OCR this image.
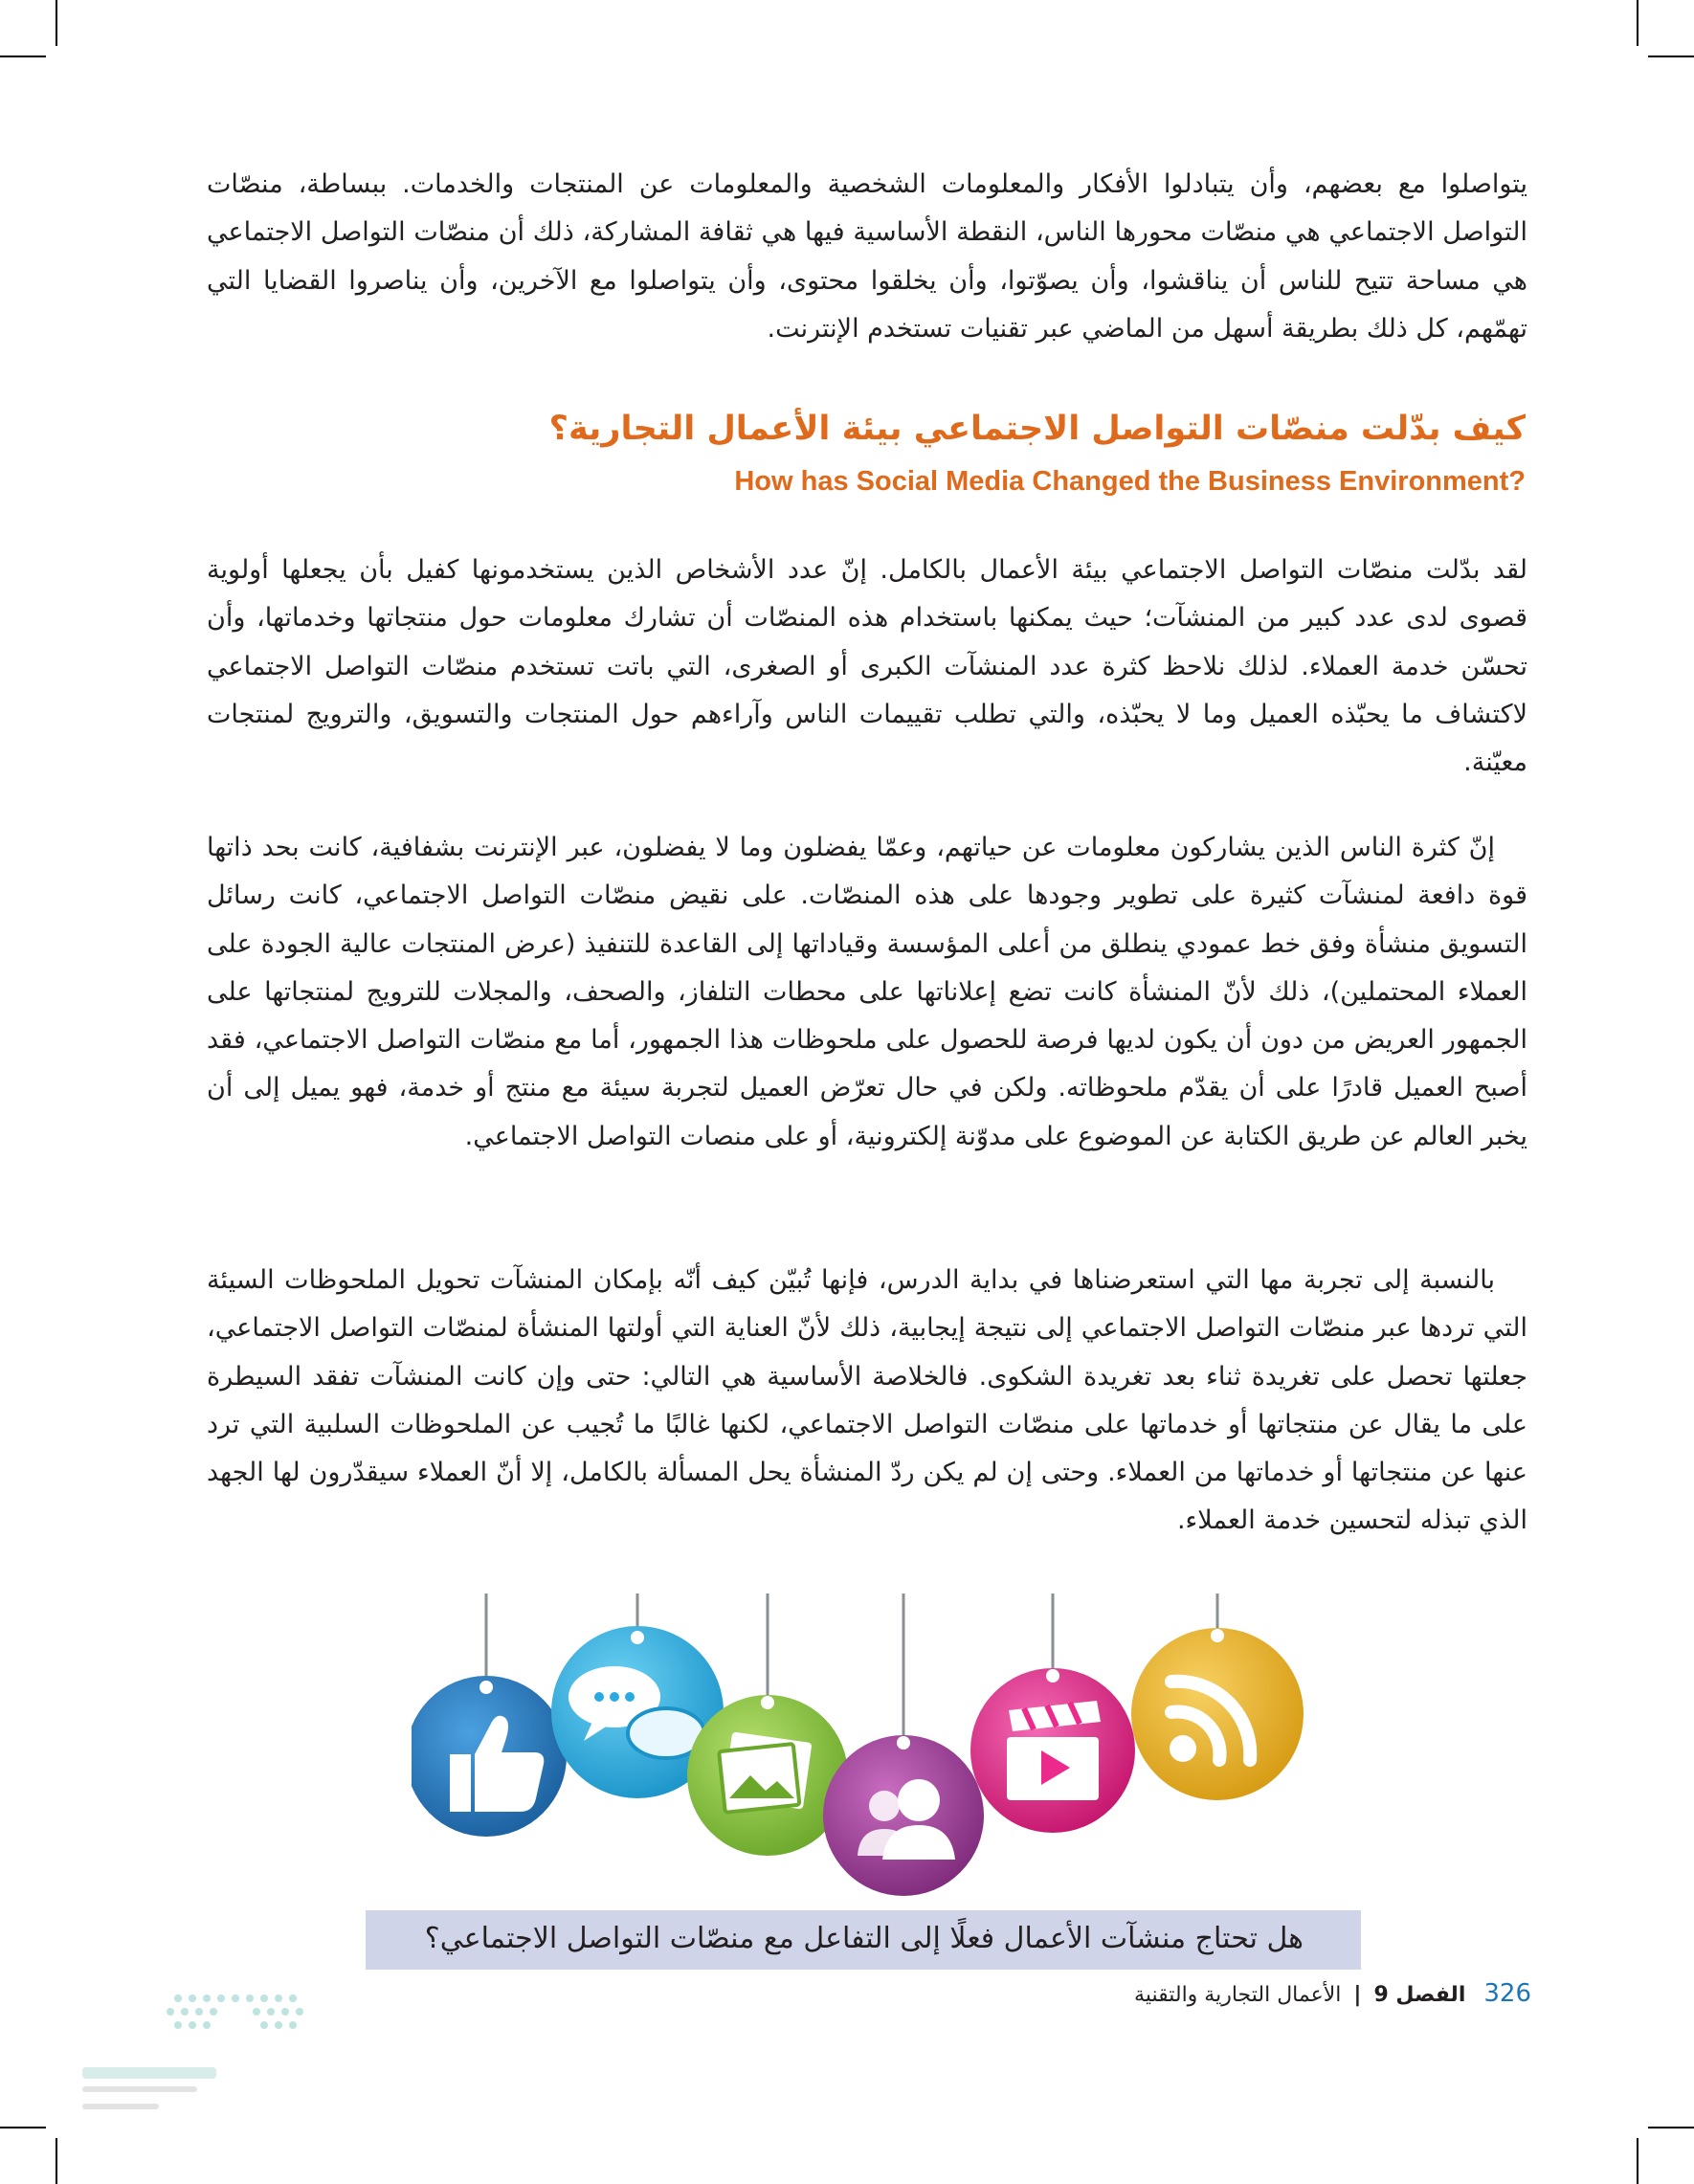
يتواصلوا مع بعضهم، وأن يتبادلوا الأفكار والمعلومات الشخصية والمعلومات عن المنتجات والخدمات. ببساطة، منصّات التواصل الاجتماعي هي منصّات محورها الناس، النقطة الأساسية فيها هي ثقافة المشاركة، ذلك أن منصّات التواصل الاجتماعي هي مساحة تتيح للناس أن يناقشوا، وأن يصوّتوا، وأن يخلقوا محتوى، وأن يتواصلوا مع الآخرين، وأن يناصروا القضايا التي تهمّهم، كل ذلك بطريقة أسهل من الماضي عبر تقنيات تستخدم الإنترنت.

كيف بدّلت منصّات التواصل الاجتماعي بيئة الأعمال التجارية؟
How has Social Media Changed the Business Environment?

لقد بدّلت منصّات التواصل الاجتماعي بيئة الأعمال بالكامل. إنّ عدد الأشخاص الذين يستخدمونها كفيل بأن يجعلها أولوية قصوى لدى عدد كبير من المنشآت؛ حيث يمكنها باستخدام هذه المنصّات أن تشارك معلومات حول منتجاتها وخدماتها، وأن تحسّن خدمة العملاء. لذلك نلاحظ كثرة عدد المنشآت الكبرى أو الصغرى، التي باتت تستخدم منصّات التواصل الاجتماعي لاكتشاف ما يحبّذه العميل وما لا يحبّذه، والتي تطلب تقييمات الناس وآراءهم حول المنتجات والتسويق، والترويج لمنتجات معيّنة.

إنّ كثرة الناس الذين يشاركون معلومات عن حياتهم، وعمّا يفضلون وما لا يفضلون، عبر الإنترنت بشفافية، كانت بحد ذاتها قوة دافعة لمنشآت كثيرة على تطوير وجودها على هذه المنصّات. على نقيض منصّات التواصل الاجتماعي، كانت رسائل التسويق منشأة وفق خط عمودي ينطلق من أعلى المؤسسة وقياداتها إلى القاعدة للتنفيذ (عرض المنتجات عالية الجودة على العملاء المحتملين)، ذلك لأنّ المنشأة كانت تضع إعلاناتها على محطات التلفاز، والصحف، والمجلات للترويج لمنتجاتها على الجمهور العريض من دون أن يكون لديها فرصة للحصول على ملحوظات هذا الجمهور، أما مع منصّات التواصل الاجتماعي، فقد أصبح العميل قادرًا على أن يقدّم ملحوظاته. ولكن في حال تعرّض العميل لتجربة سيئة مع منتج أو خدمة، فهو يميل إلى أن يخبر العالم عن طريق الكتابة عن الموضوع على مدوّنة إلكترونية، أو على منصات التواصل الاجتماعي.

بالنسبة إلى تجربة مها التي استعرضناها في بداية الدرس، فإنها تُبيّن كيف أنّه بإمكان المنشآت تحويل الملحوظات السيئة التي تردها عبر منصّات التواصل الاجتماعي إلى نتيجة إيجابية، ذلك لأنّ العناية التي أولتها المنشأة لمنصّات التواصل الاجتماعي، جعلتها تحصل على تغريدة ثناء بعد تغريدة الشكوى. فالخلاصة الأساسية هي التالي: حتى وإن كانت المنشآت تفقد السيطرة على ما يقال عن منتجاتها أو خدماتها على منصّات التواصل الاجتماعي، لكنها غالبًا ما تُجيب عن الملحوظات السلبية التي ترد عنها عن منتجاتها أو خدماتها من العملاء. وحتى إن لم يكن ردّ المنشأة يحل المسألة بالكامل، إلا أنّ العملاء سيقدّرون لها الجهد الذي تبذله لتحسين خدمة العملاء.

هل تحتاج منشآت الأعمال فعلًا إلى التفاعل مع منصّات التواصل الاجتماعي؟
326 الفصل 9 | الأعمال التجارية والتقنية
